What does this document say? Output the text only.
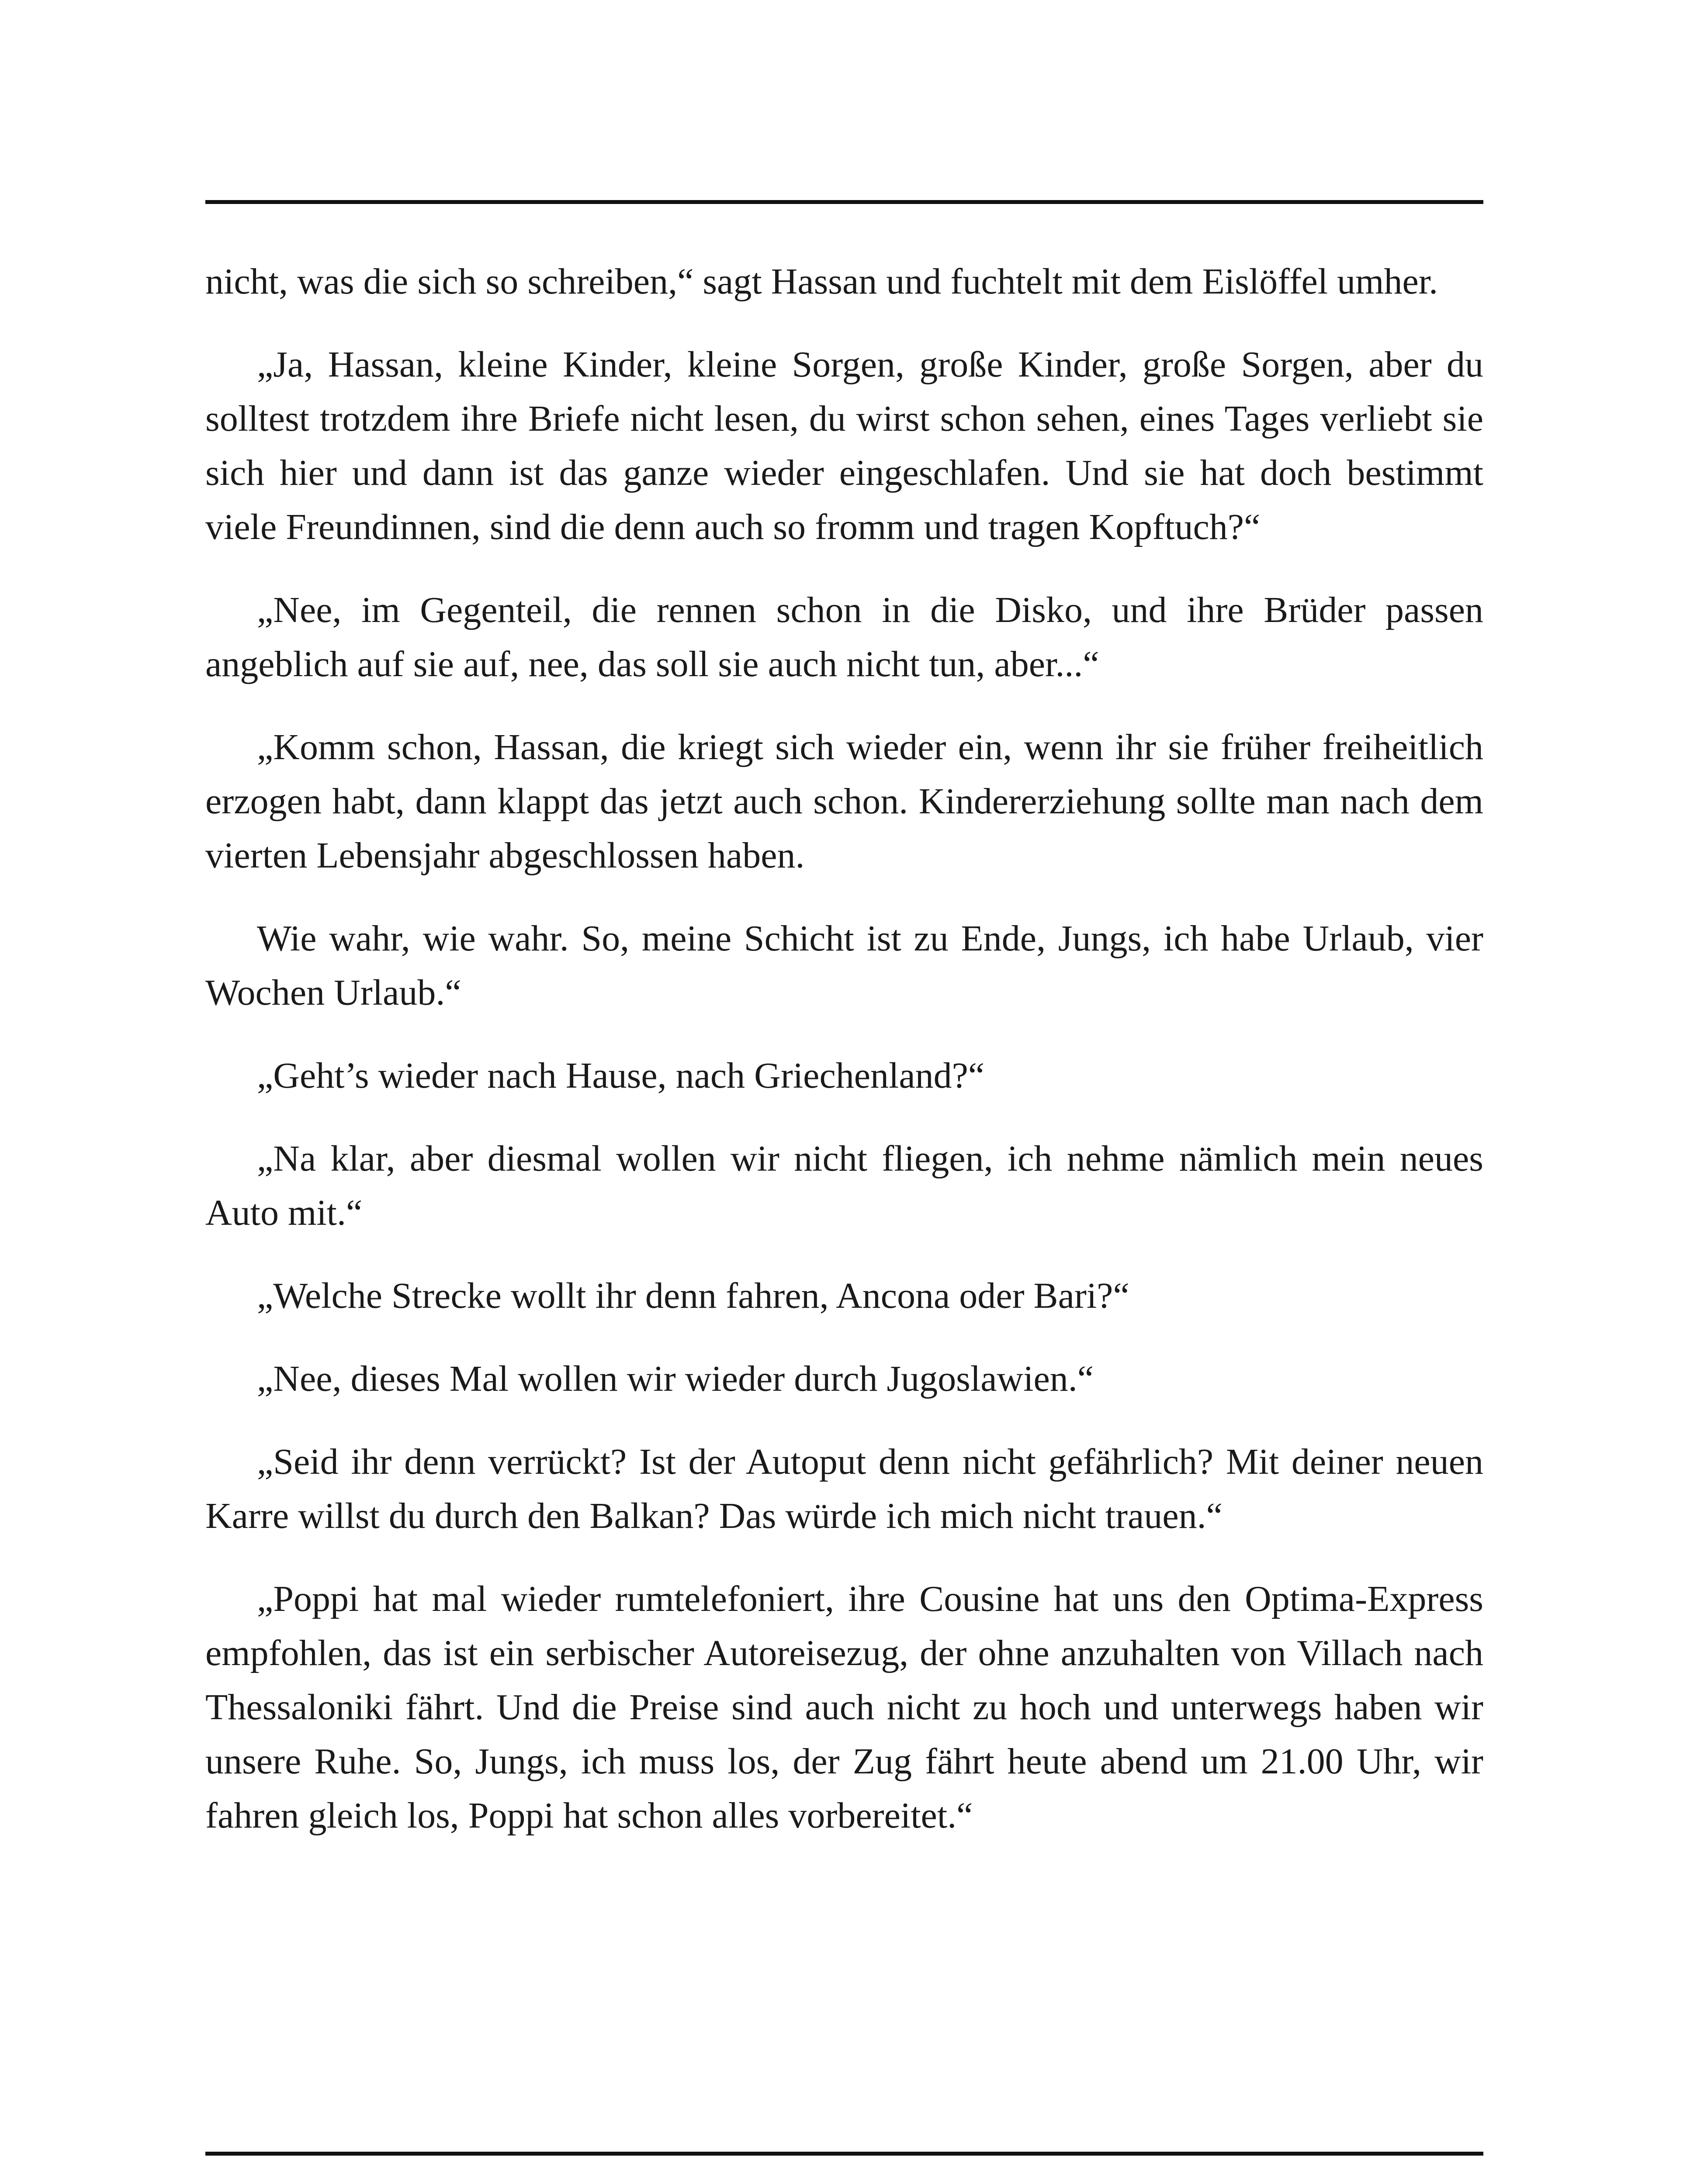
nicht, was die sich so schreiben,“ sagt Hassan und fuchtelt mit dem Eislöffel umher.

„Ja, Hassan, kleine Kinder, kleine Sorgen, große Kinder, große Sorgen, aber du solltest trotzdem ihre Briefe nicht lesen, du wirst schon sehen, eines Tages verliebt sie sich hier und dann ist das ganze wieder eingeschlafen. Und sie hat doch bestimmt viele Freundinnen, sind die denn auch so fromm und tragen Kopftuch?“

„Nee, im Gegenteil, die rennen schon in die Disko, und ihre Brüder passen angeblich auf sie auf, nee, das soll sie auch nicht tun, aber...“

„Komm schon, Hassan, die kriegt sich wieder ein, wenn ihr sie früher freiheitlich erzogen habt, dann klappt das jetzt auch schon. Kindererziehung sollte man nach dem vierten Lebensjahr abgeschlossen haben.

Wie wahr, wie wahr. So, meine Schicht ist zu Ende, Jungs, ich habe Urlaub, vier Wochen Urlaub.“

„Geht’s wieder nach Hause, nach Griechenland?“

„Na klar, aber diesmal wollen wir nicht fliegen, ich nehme nämlich mein neues Auto mit.“

„Welche Strecke wollt ihr denn fahren, Ancona oder Bari?“

„Nee, dieses Mal wollen wir wieder durch Jugoslawien.“

„Seid ihr denn verrückt? Ist der Autoput denn nicht gefährlich? Mit deiner neuen Karre willst du durch den Balkan? Das würde ich mich nicht trauen.“

„Poppi hat mal wieder rumtelefoniert, ihre Cousine hat uns den Optima-Express empfohlen, das ist ein serbischer Autoreisezug, der ohne anzuhalten von Villach nach Thessaloniki fährt. Und die Preise sind auch nicht zu hoch und unterwegs haben wir unsere Ruhe. So, Jungs, ich muss los, der Zug fährt heute abend um 21.00 Uhr, wir fahren gleich los, Poppi hat schon alles vorbereitet.“
